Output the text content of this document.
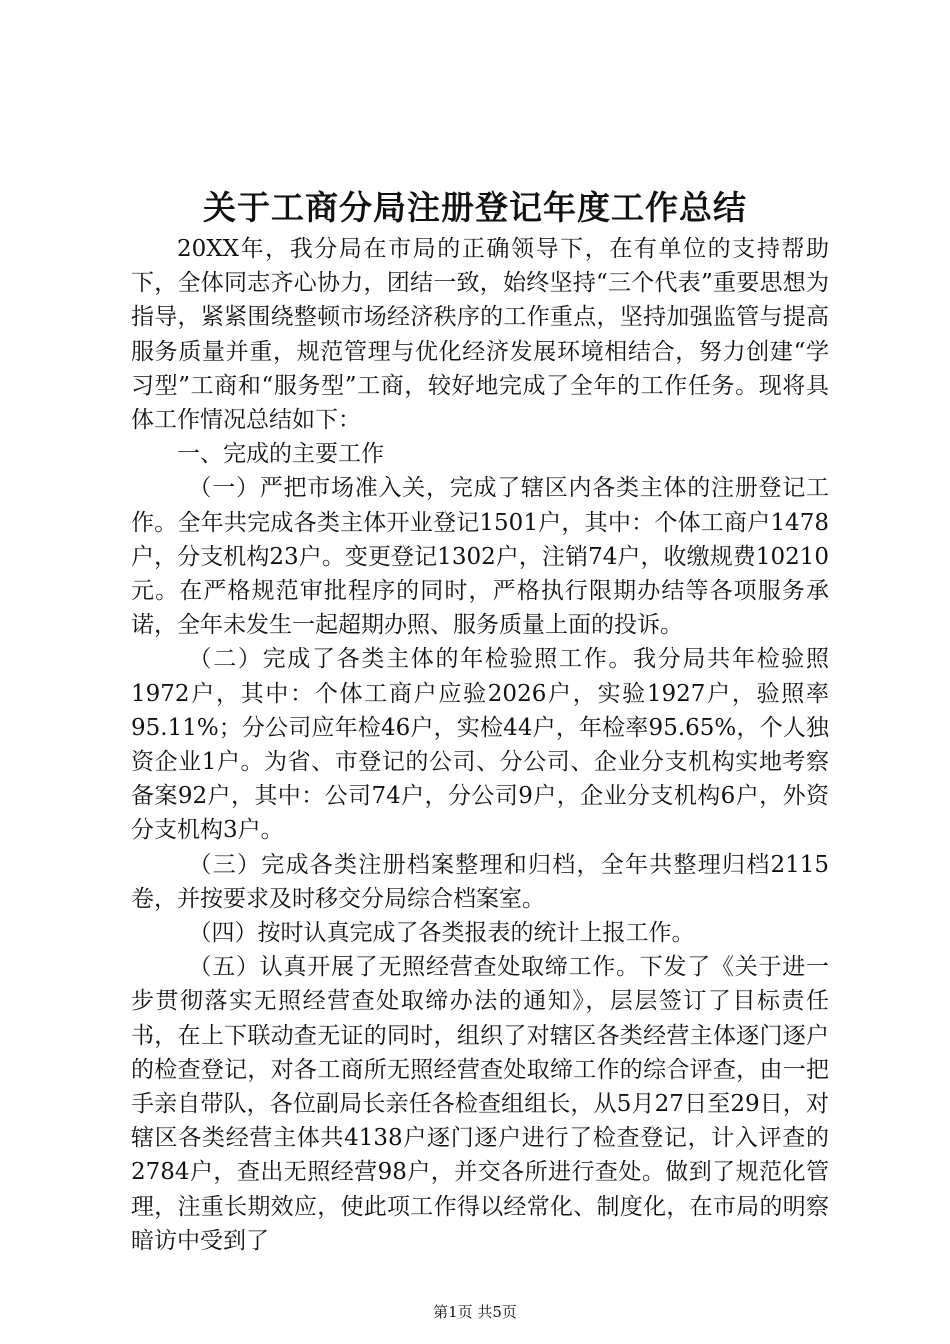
关于工商分局注册登记年度工作总结

20XX年，我分局在市局的正确领导下，在有单位的支持帮助下，全体同志齐心协力，团结一致，始终坚持“三个代表”重要思想为指导，紧紧围绕整顿市场经济秩序的工作重点，坚持加强监管与提高服务质量并重，规范管理与优化经济发展环境相结合，努力创建“学习型”工商和“服务型”工商，较好地完成了全年的工作任务。现将具体工作情况总结如下：

一、完成的主要工作

（一）严把市场准入关，完成了辖区内各类主体的注册登记工作。全年共完成各类主体开业登记1501户，其中：个体工商户1478户，分支机构23户。变更登记1302户，注销74户，收缴规费10210元。在严格规范审批程序的同时，严格执行限期办结等各项服务承诺，全年未发生一起超期办照、服务质量上面的投诉。

（二）完成了各类主体的年检验照工作。我分局共年检验照1972户，其中：个体工商户应验2026户，实验1927户，验照率95.11%；分公司应年检46户，实检44户，年检率95.65%，个人独资企业1户。为省、市登记的公司、分公司、企业分支机构实地考察备案92户，其中：公司74户，分公司9户，企业分支机构6户，外资分支机构3户。

（三）完成各类注册档案整理和归档，全年共整理归档2115卷，并按要求及时移交分局综合档案室。

（四）按时认真完成了各类报表的统计上报工作。

（五）认真开展了无照经营查处取缔工作。下发了《关于进一步贯彻落实无照经营查处取缔办法的通知》，层层签订了目标责任书，在上下联动查无证的同时，组织了对辖区各类经营主体逐门逐户的检查登记，对各工商所无照经营查处取缔工作的综合评查，由一把手亲自带队，各位副局长亲任各检查组组长，从5月27日至29日，对辖区各类经营主体共4138户逐门逐户进行了检查登记，计入评查的2784户，查出无照经营98户，并交各所进行查处。做到了规范化管理，注重长期效应，使此项工作得以经常化、制度化，在市局的明察暗访中受到了

第1页 共5页
